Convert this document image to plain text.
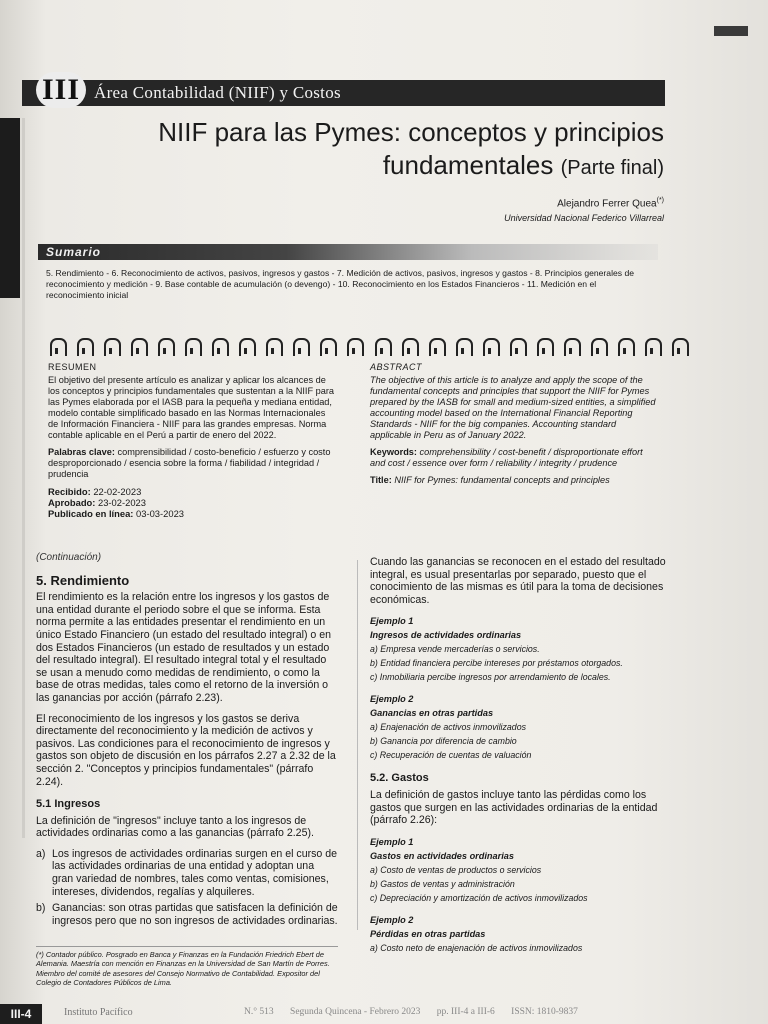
III Área Contabilidad (NIIF) y Costos
NIIF para las Pymes: conceptos y principios
fundamentales (Parte final)
Alejandro Ferrer Quea(*)
Universidad Nacional Federico Villarreal
Sumario
5. Rendimiento - 6. Reconocimiento de activos, pasivos, ingresos y gastos - 7. Medición de activos, pasivos, ingresos y gastos - 8. Principios generales de reconocimiento y medición - 9. Base contable de acumulación (o devengo) - 10. Reconocimiento en los Estados Financieros - 11. Medición en el reconocimiento inicial
RESUMEN

El objetivo del presente artículo es analizar y aplicar los alcances de los conceptos y principios fundamentales que sustentan a la NIIF para las Pymes elaborada por el IASB para la pequeña y mediana entidad, modelo contable simplificado basado en las Normas Internacionales de Información Financiera - NIIF para las grandes empresas. Norma contable aplicable en el Perú a partir de enero del 2022.

Palabras clave: comprensibilidad / costo-beneficio / esfuerzo y costo desproporcionado / esencia sobre la forma / fiabilidad / integridad / prudencia

Recibido: 22-02-2023
Aprobado: 23-02-2023
Publicado en línea: 03-03-2023
ABSTRACT

The objective of this article is to analyze and apply the scope of the fundamental concepts and principles that support the NIIF for Pymes prepared by the IASB for small and medium-sized entities, a simplified accounting model based on the International Financial Reporting Standards - NIIF for the big companies. Accounting standard applicable in Peru as of January 2022.

Keywords: comprehensibility / cost-benefit / disproportionate effort and cost / essence over form / reliability / integrity / prudence

Title: NIIF for Pymes: fundamental concepts and principles

(Continuación)
5. Rendimiento

El rendimiento es la relación entre los ingresos y los gastos de una entidad durante el periodo sobre el que se informa. Esta norma permite a las entidades presentar el rendimiento en un único Estado Financiero (un estado del resultado integral) o en dos Estados Financieros (un estado de resultados y un estado del resultado integral). El resultado integral total y el resultado se usan a menudo como medidas de rendimiento, o como la base de otras medidas, tales como el retorno de la inversión o las ganancias por acción (párrafo 2.23).

El reconocimiento de los ingresos y los gastos se deriva directamente del reconocimiento y la medición de activos y pasivos. Las condiciones para el reconocimiento de ingresos y gastos son objeto de discusión en los párrafos 2.27 a 2.32 de la sección 2. "Conceptos y principios fundamentales" (párrafo 2.24).

5.1 Ingresos

La definición de "ingresos" incluye tanto a los ingresos de actividades ordinarias como a las ganancias (párrafo 2.25).

a) Los ingresos de actividades ordinarias surgen en el curso de las actividades ordinarias de una entidad y adoptan una gran variedad de nombres, tales como ventas, comisiones, intereses, dividendos, regalías y alquileres.
b) Ganancias: son otras partidas que satisfacen la definición de ingresos pero que no son ingresos de actividades ordinarias.

Cuando las ganancias se reconocen en el estado del resultado integral, es usual presentarlas por separado, puesto que el conocimiento de las mismas es útil para la toma de decisiones económicas.

Ejemplo 1
Ingresos de actividades ordinarias
a) Empresa vende mercaderías o servicios.
b) Entidad financiera percibe intereses por préstamos otorgados.
c) Inmobiliaria percibe ingresos por arrendamiento de locales.
Ejemplo 2
Ganancias en otras partidas
a) Enajenación de activos inmovilizados
b) Ganancia por diferencia de cambio
c) Recuperación de cuentas de valuación
5.2. Gastos

La definición de gastos incluye tanto las pérdidas como los gastos que surgen en las actividades ordinarias de la entidad (párrafo 2.26):

Ejemplo 1
Gastos en actividades ordinarias
a) Costo de ventas de productos o servicios
b) Gastos de ventas y administración
c) Depreciación y amortización de activos inmovilizados
Ejemplo 2
Pérdidas en otras partidas
a) Costo neto de enajenación de activos inmovilizados
(*) Contador público. Posgrado en Banca y Finanzas en la Fundación Friedrich Ebert de Alemania. Maestría con mención en Finanzas en la Universidad de San Martín de Porres. Miembro del comité de asesores del Consejo Normativo de Contabilidad. Expositor del Colegio de Contadores Públicos de Lima.
III-4	Instituto Pacífico	N.° 513 Segunda Quincena - Febrero 2023 pp. III-4 a III-6 ISSN: 1810-9837
